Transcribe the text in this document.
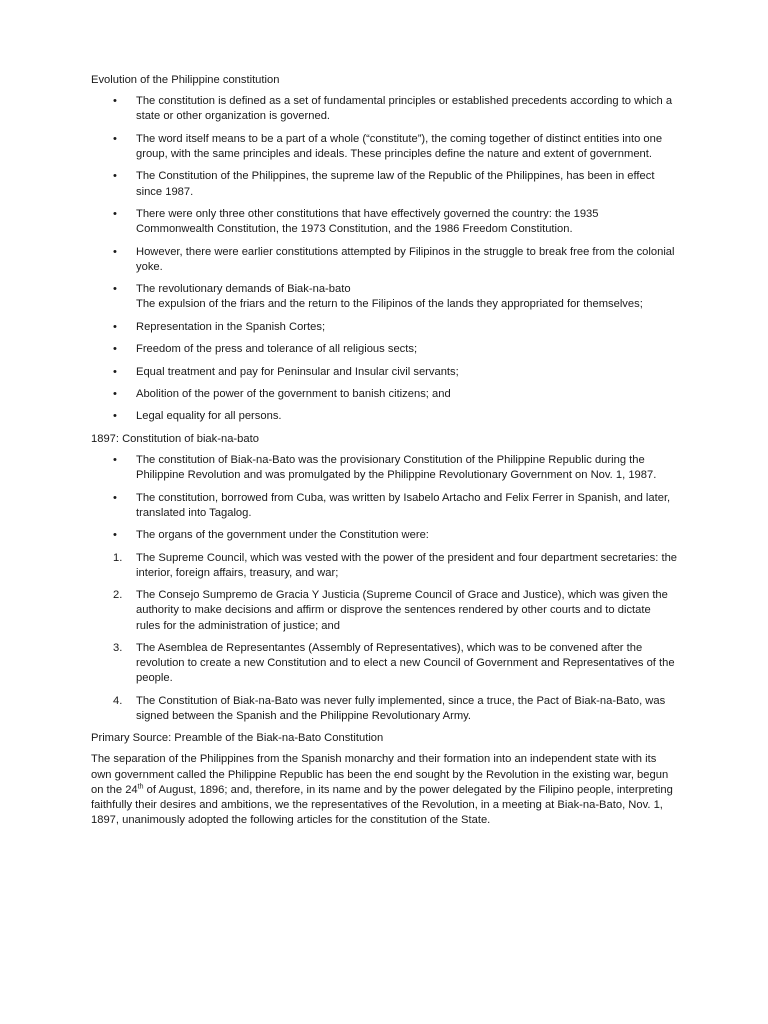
Evolution of the Philippine constitution

• The constitution is defined as a set of fundamental principles or established precedents according to which a state or other organization is governed.
• The word itself means to be a part of a whole (“constitute”), the coming together of distinct entities into one group, with the same principles and ideals. These principles define the nature and extent of government.
• The Constitution of the Philippines, the supreme law of the Republic of the Philippines, has been in effect since 1987.
• There were only three other constitutions that have effectively governed the country: the 1935 Commonwealth Constitution, the 1973 Constitution, and the 1986 Freedom Constitution.
• However, there were earlier constitutions attempted by Filipinos in the struggle to break free from the colonial yoke.
• The revolutionary demands of Biak-na-bato
The expulsion of the friars and the return to the Filipinos of the lands they appropriated for themselves;
• Representation in the Spanish Cortes;
• Freedom of the press and tolerance of all religious sects;
• Equal treatment and pay for Peninsular and Insular civil servants;
• Abolition of the power of the government to banish citizens; and
• Legal equality for all persons.

1897: Constitution of biak-na-bato

• The constitution of Biak-na-Bato was the provisionary Constitution of the Philippine Republic during the Philippine Revolution and was promulgated by the Philippine Revolutionary Government on Nov. 1, 1987.
• The constitution, borrowed from Cuba, was written by Isabelo Artacho and Felix Ferrer in Spanish, and later, translated into Tagalog.
• The organs of the government under the Constitution were:
1. The Supreme Council, which was vested with the power of the president and four department secretaries: the interior, foreign affairs, treasury, and war;
2. The Consejo Sumpremo de Gracia Y Justicia (Supreme Council of Grace and Justice), which was given the authority to make decisions and affirm or disprove the sentences rendered by other courts and to dictate rules for the administration of justice; and
3. The Asemblea de Representantes (Assembly of Representatives), which was to be convened after the revolution to create a new Constitution and to elect a new Council of Government and Representatives of the people.
4. The Constitution of Biak-na-Bato was never fully implemented, since a truce, the Pact of Biak-na-Bato, was signed between the Spanish and the Philippine Revolutionary Army.

Primary Source: Preamble of the Biak-na-Bato Constitution

The separation of the Philippines from the Spanish monarchy and their formation into an independent state with its own government called the Philippine Republic has been the end sought by the Revolution in the existing war, begun on the 24th of August, 1896; and, therefore, in its name and by the power delegated by the Filipino people, interpreting faithfully their desires and ambitions, we the representatives of the Revolution, in a meeting at Biak-na-Bato, Nov. 1, 1897, unanimously adopted the following articles for the constitution of the State.
